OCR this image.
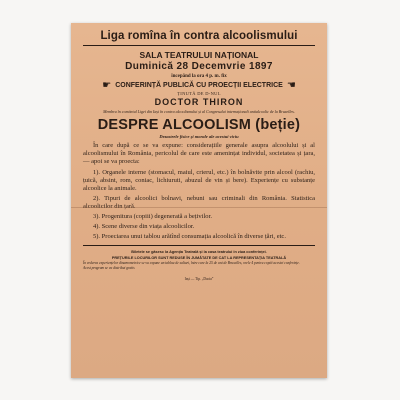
Liga romîna în contra alcoolismului
SALA TEATRULUI NAȚIONAL
Duminică 28 Decemvrie 1897
începând la ora 4 p. m. fix
☛ CONFERINȚĂ PUBLICĂ CU PROECȚII ELECTRICE ☚
ȚINUTĂ DE D-NUL
DOCTOR THIRON
Membru în comitetul Ligei din Iași în contra alcoolismului și al Congresului internaționali antialcoolic de la Bruxelles.
DESPRE ALCOOLISM (beție)
Dezastrele fisice și morale ale acestui viciu
În care după ce se va expune: considerațiile generale asupra alcoolului și al alcoolismului în România, pericolul de care este amenințat individul, societatea și țara, — apoi se va proecta:
1). Organele interne (stomacul, maiul, crierul, etc.) în bolnăvite prin alcool (rachiu, țuică, absint, rom, coniac, lichiuruti, abuzul de vin și bere). Experiențe cu substanțe alcoolice la animale.
2). Tipuri de alcoolici bolnavi, nebuni sau criminali din România. Statistica alcoolicilor din țară.
3). Progenitura (copiii) degenerată a bețivilor.
4). Scene diverse din viața alcoolicilor.
5). Proeciarea unui tablou arătînd consumația alcoolică în diverse țări, etc.
Biletele se găsesc la Agenția Teatrală și la casa teatrului în ziua conferinței.
PREȚURILE LOCURILOR SUNT REDUSE ÎN JUMĂTATE DE CAT LA REPRESENTAȚIA TEATRALĂ
În vederea experiențelor dinamometrice se va expune un tablou de salturi, între care la 25 de ani de Bruxelles, orele 4 pentru copiii acestei conferințe.
Acest program se va distribui gratis
Iași — Tip. „Dacia”
